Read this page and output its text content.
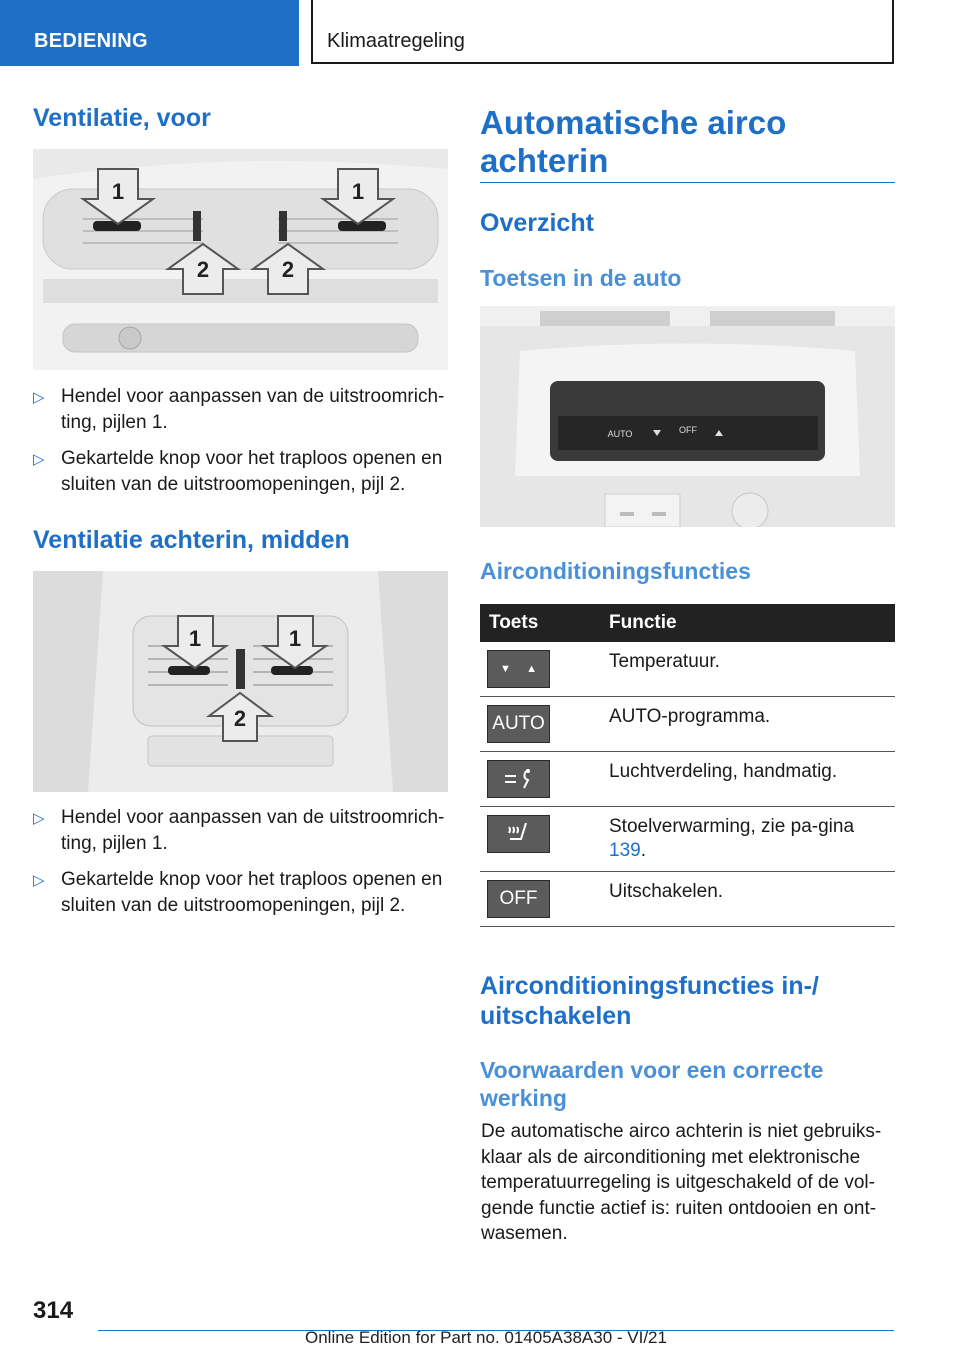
BEDIENING	Klimaatregeling
Ventilatie, voor
1	1
2	2
▷ Hendel voor aanpassen van de uitstroomrich-ting, pijlen 1.
▷ Gekartelde knop voor het traploos openen en sluiten van de uitstroomopeningen, pijl 2.
Ventilatie achterin, midden
1	1
2
▷ Hendel voor aanpassen van de uitstroomrich-ting, pijlen 1.
▷ Gekartelde knop voor het traploos openen en sluiten van de uitstroomopeningen, pijl 2.
Automatische airco achterin
Overzicht
Toetsen in de auto
AUTO	OFF
Airconditioningsfuncties
Toets	Functie

▼ ▲	Temperatuur.

AUTO	AUTO-programma.

	Luchtverdeling, handmatig.

	Stoelverwarming, zie pa-gina 139.

OFF	Uitschakelen.
Airconditioningsfuncties in-/ uitschakelen
Voorwaarden voor een correcte werking

De automatische airco achterin is niet gebruiks-klaar als de airconditioning met elektronische temperatuurregeling is uitgeschakeld of de vol-gende functie actief is: ruiten ontdooien en ont-wasemen.

314
Online Edition for Part no. 01405A38A30 - VI/21
